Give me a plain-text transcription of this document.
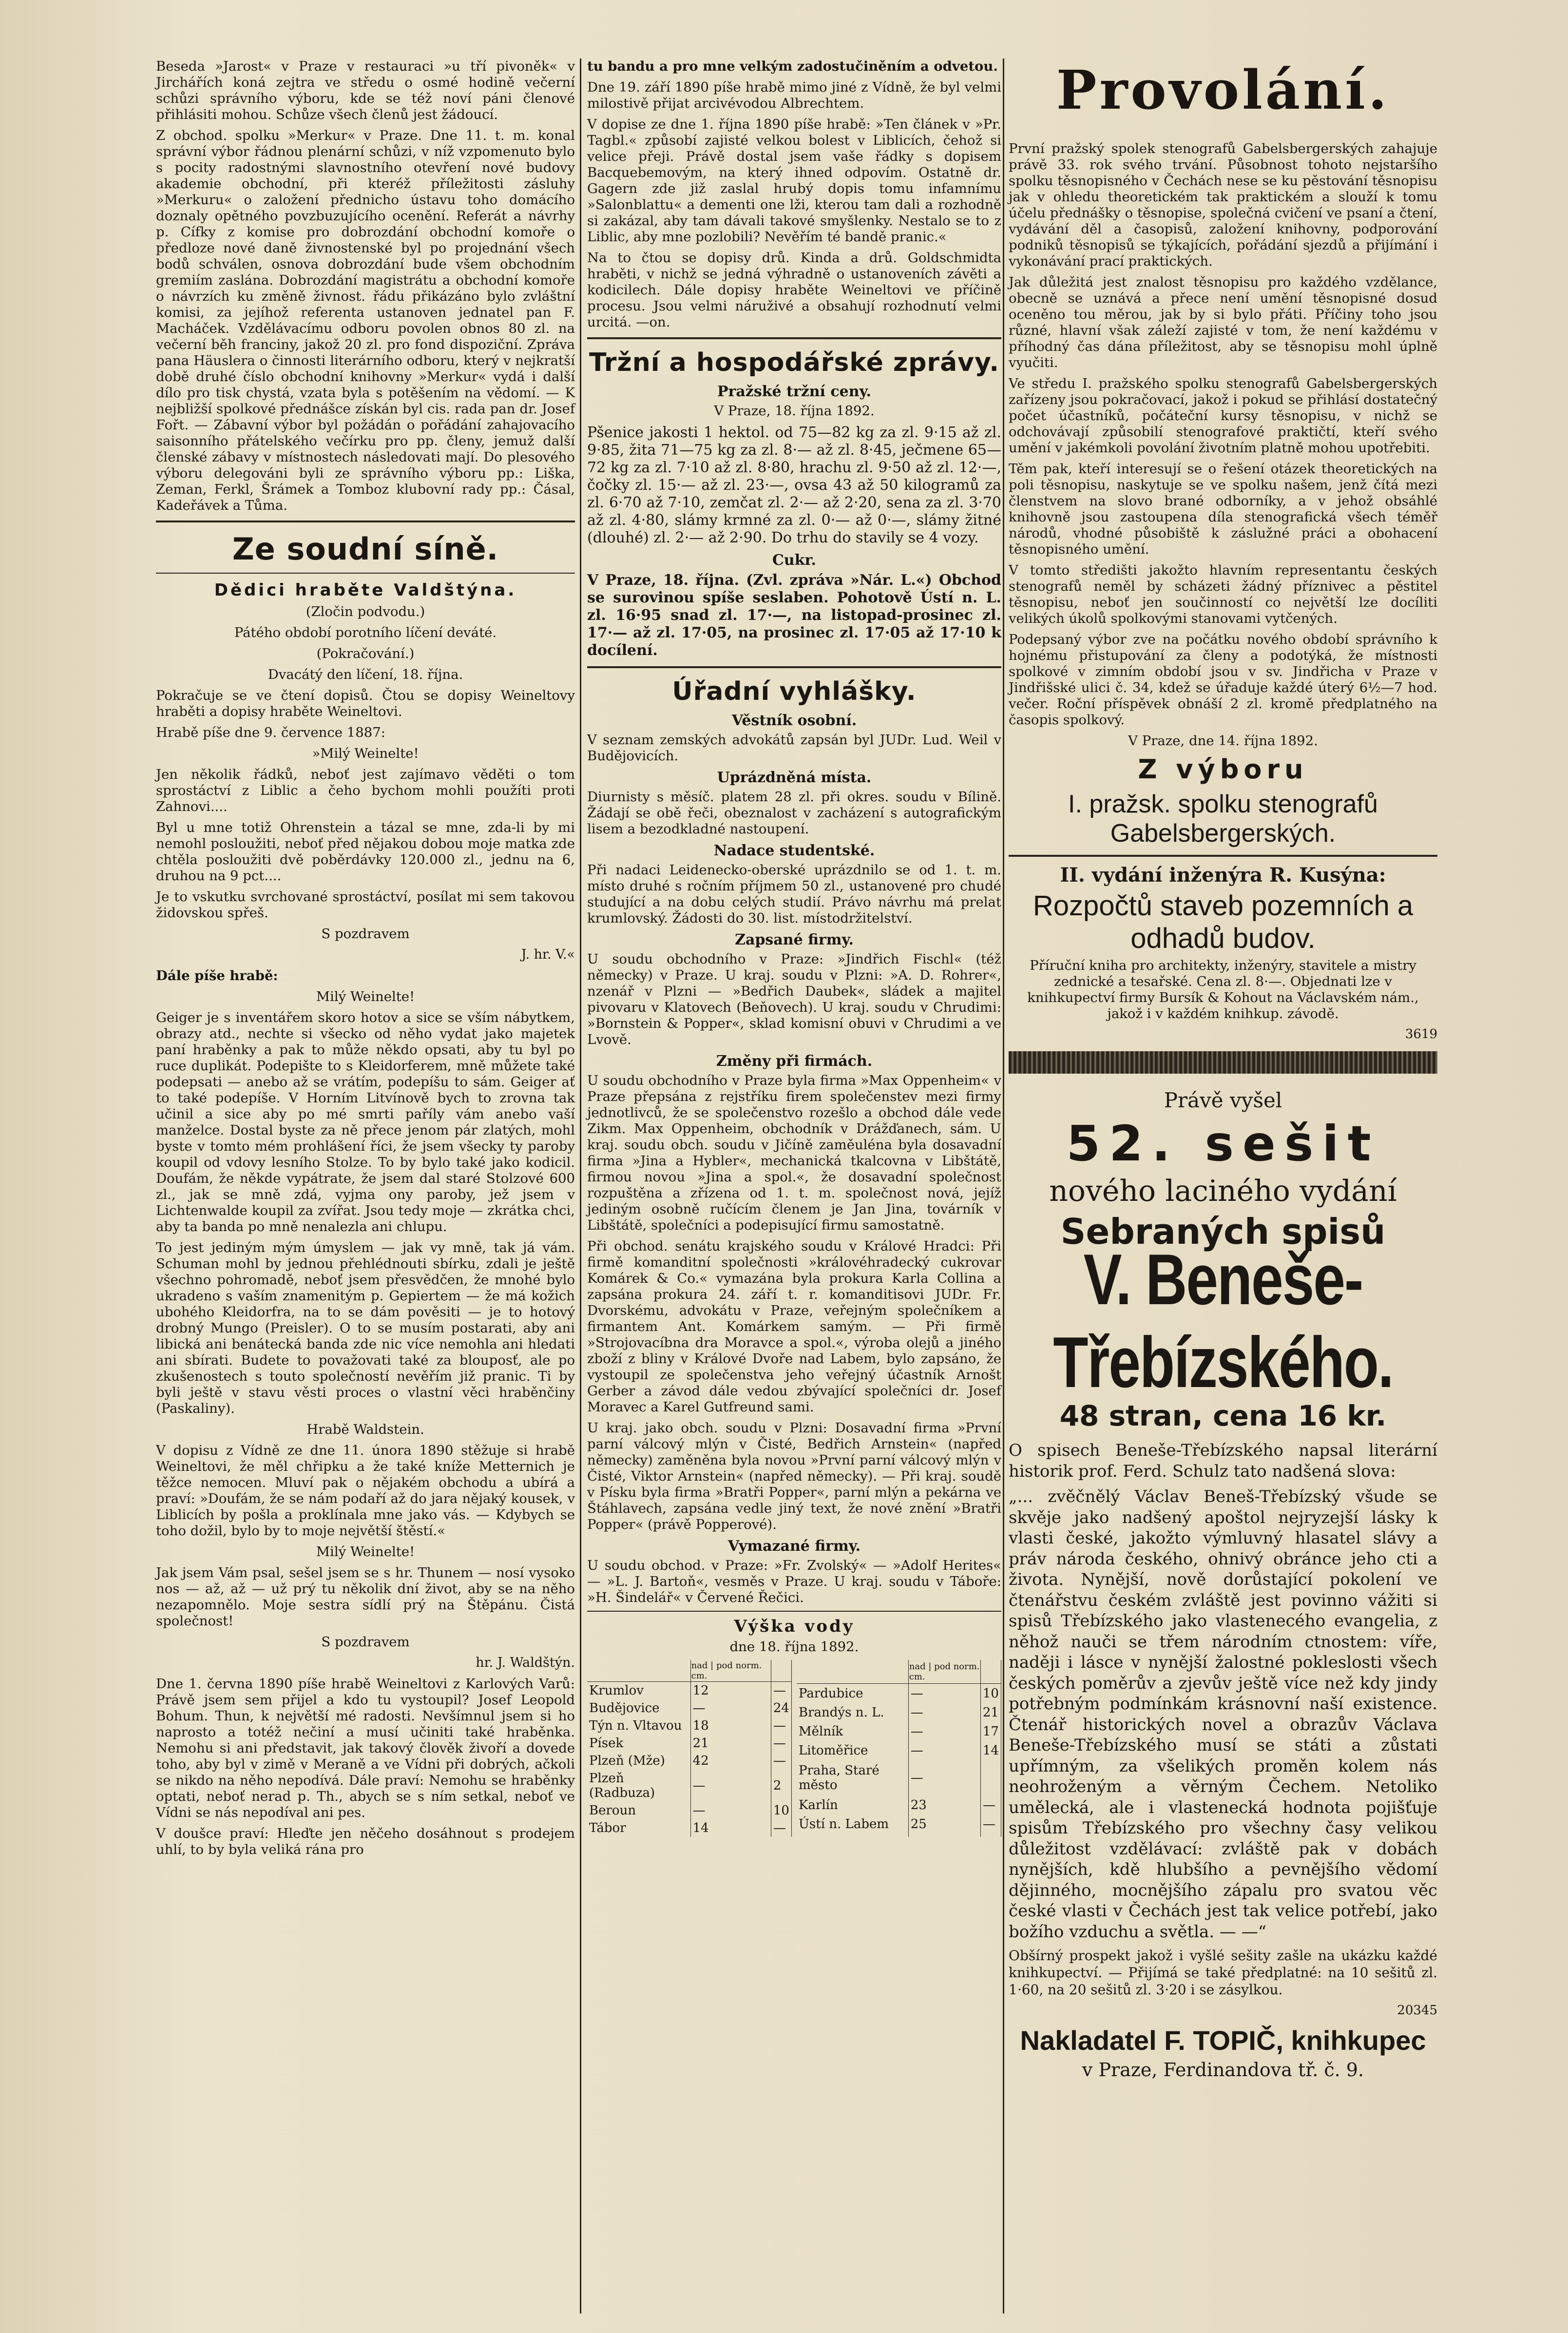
Beseda »Jarost« v Praze v restauraci »u tří pivoněk« v Jirchářích koná zejtra ve středu o osmé hodině večerní schůzi správního výboru, kde se též noví páni členové přihlásiti mohou. Schůze všech členů jest žádoucí.

Z obchod. spolku »Merkur« v Praze. Dne 11. t. m. konal správní výbor řádnou plenární schůzi, v níž vzpomenuto bylo s pocity radostnými slavnostního otevření nové budovy akademie obchodní, při kteréž příležitosti zásluhy »Merkuru« o založení přednicho ústavu toho domácího doznaly opětného povzbuzujícího ocenění. Referát a návrhy p. Cífky z komise pro dobrozdání obchodní komoře o předloze nové daně živnostenské byl po projednání všech bodů schválen, osnova dobrozdání bude všem obchodním gremiím zaslána. Dobrozdání magistrátu a obchodní komoře o návrzích ku změně živnost. řádu přikázáno bylo zvláštní komisi, za jejíhož referenta ustanoven jednatel pan F. Macháček. Vzdělávacímu odboru povolen obnos 80 zl. na večerní běh franciny, jakož 20 zl. pro fond dispoziční. Zpráva pana Häuslera o činnosti literárního odboru, který v nejkratší době druhé číslo obchodní knihovny »Merkur« vydá i další dílo pro tisk chystá, vzata byla s potěšením na vědomí. — K nejbližší spolkové přednášce získán byl cis. rada pan dr. Josef Fořt. — Zábavní výbor byl požádán o pořádání zahajovacího saisonního přátelského večírku pro pp. členy, jemuž další členské zábavy v místnostech následovati mají. Do plesového výboru delegováni byli ze správního výboru pp.: Liška, Zeman, Ferkl, Šrámek a Tomboz klubovní rady pp.: Čásal, Kadeřávek a Tůma.

Ze soudní síně.
Dědici hraběte Valdštýna.

(Zločin podvodu.)

Pátého období porotního líčení deváté.

(Pokračování.)

Dvacátý den líčení, 18. října.

Pokračuje se ve čtení dopisů. Čtou se dopisy Weineltovy hraběti a dopisy hraběte Weineltovi.

Hrabě píše dne 9. července 1887:

»Milý Weinelte!

Jen několik řádků, neboť jest zajímavo věděti o tom sprostáctví z Liblic a čeho bychom mohli použíti proti Zahnovi....

Byl u mne totiž Ohrenstein a tázal se mne, zda-li by mi nemohl posloužiti, neboť před nějakou dobou moje matka zde chtěla posloužiti dvě poběrdávky 120.000 zl., jednu na 6, druhou na 9 pct....

Je to vskutku svrchované sprostáctví, posílat mi sem takovou židovskou spřeš.

S pozdravem

J. hr. V.«

Dále píše hrabě:

Milý Weinelte!

Geiger je s inventářem skoro hotov a sice se vším nábytkem, obrazy atd., nechte si všecko od něho vydat jako majetek paní hraběnky a pak to může někdo opsati, aby tu byl po ruce duplikát. Podepište to s Kleidorferem, mně můžete také podepsati — anebo až se vrátím, podepíšu to sám. Geiger ať to také podepíše. V Horním Litvínově bych to zrovna tak učinil a sice aby po mé smrti paříly vám anebo vaší manželce. Dostal byste za ně přece jenom pár zlatých, mohl byste v tomto mém prohlášení říci, že jsem všecky ty paroby koupil od vdovy lesního Stolze. To by bylo také jako kodicil. Doufám, že někde vypátrate, že jsem dal staré Stolzové 600 zl., jak se mně zdá, vyjma ony paroby, jež jsem v Lichtenwalde koupil za zvířat. Jsou tedy moje — zkrátka chci, aby ta banda po mně nenalezla ani chlupu.

To jest jediným mým úmyslem — jak vy mně, tak já vám. Schuman mohl by jednou přehlédnouti sbírku, zdali je ještě všechno pohromadě, neboť jsem přesvědčen, že mnohé bylo ukradeno s vaším znamenitým p. Gepiertem — že má kožich ubohého Kleidorfra, na to se dám pověsiti — je to hotový drobný Mungo (Preisler). O to se musím postarati, aby ani libická ani benátecká banda zde nic více nemohla ani hledati ani sbírati. Budete to považovati také za blouposť, ale po zkušenostech s touto společností nevěřím již pranic. Ti by byli ještě v stavu věsti proces o vlastní věci hraběnčiny (Paskaliny).

Hrabě Waldstein.

V dopisu z Vídně ze dne 11. února 1890 stěžuje si hrabě Weineltovi, že měl chřipku a že také kníže Metternich je těžce nemocen. Mluví pak o nějakém obchodu a ubírá a praví: »Doufám, že se nám podaří až do jara nějaký kousek, v Liblicích by pošla a proklínala mne jako vás. — Kdybych se toho dožil, bylo by to moje největší štěstí.«

Milý Weinelte!

Jak jsem Vám psal, sešel jsem se s hr. Thunem — nosí vysoko nos — až, až — už prý tu několik dní život, aby se na něho nezapomnělo. Moje sestra sídlí prý na Štěpánu. Čistá společnost!

S pozdravem

hr. J. Waldštýn.

Dne 1. června 1890 píše hrabě Weineltovi z Karlových Varů: Právě jsem sem přijel a kdo tu vystoupil? Josef Leopold Bohum. Thun, k největší mé radosti. Nevšímnul jsem si ho naprosto a totéž nečiní a musí učiniti také hraběnka. Nemohu si ani představit, jak takový člověk živoří a dovede toho, aby byl v zimě v Meraně a ve Vídni při dobrých, ačkoli se nikdo na něho nepodívá. Dále praví: Nemohu se hraběnky optati, neboť nerad p. Th., abych se s ním setkal, neboť ve Vídni se nás nepodíval ani pes.

V doušce praví: Hleďte jen něčeho dosáhnout s prodejem uhlí, to by byla veliká rána pro

tu bandu a pro mne velkým zadostučiněním a odvetou.

Dne 19. září 1890 píše hrabě mimo jiné z Vídně, že byl velmi milostivě přijat arcivévodou Albrechtem.

V dopise ze dne 1. října 1890 píše hrabě: »Ten článek v »Pr. Tagbl.« způsobí zajisté velkou bolest v Liblicích, čehož si velice přeji. Právě dostal jsem vaše řádky s dopisem Bacquebemovým, na který ihned odpovím. Ostatně dr. Gagern zde již zaslal hrubý dopis tomu infamnímu »Salonblattu« a dementi one lži, kterou tam dali a rozhodně si zakázal, aby tam dávali takové smyšlenky. Nestalo se to z Liblic, aby mne pozlobili? Nevěřím té bandě pranic.«

Na to čtou se dopisy drů. Kinda a drů. Goldschmidta hraběti, v nichž se jedná výhradně o ustanoveních závěti a kodicilech. Dále dopisy hraběte Weineltovi ve příčině procesu. Jsou velmi náruživé a obsahují rozhodnutí velmi urcitá. —on.

Tržní a hospodářské zprávy.
Pražské tržní ceny.

V Praze, 18. října 1892.

Pšenice jakosti 1 hektol. od 75—82 kg za zl. 9·15 až zl. 9·85, žita 71—75 kg za zl. 8·— až zl. 8·45, ječmene 65—72 kg za zl. 7·10 až zl. 8·80, hrachu zl. 9·50 až zl. 12·—, čočky zl. 15·— až zl. 23·—, ovsa 43 až 50 kilogramů za zl. 6·70 až 7·10, zemčat zl. 2·— až 2·20, sena za zl. 3·70 až zl. 4·80, slámy krmné za zl. 0·— až 0·—, slámy žitné (dlouhé) zl. 2·— až 2·90. Do trhu do stavily se 4 vozy.

Cukr.

V Praze, 18. října. (Zvl. zpráva »Nár. L.«) Obchod se surovinou spíše seslaben. Pohotově Ústí n. L. zl. 16·95 snad zl. 17·—, na listopad-prosinec zl. 17·— až zl. 17·05, na prosinec zl. 17·05 až 17·10 k docílení.

Úřadní vyhlášky.
Věstník osobní.

V seznam zemských advokátů zapsán byl JUDr. Lud. Weil v Budějovicích.

Uprázdněná místa.

Diurnisty s měsíč. platem 28 zl. při okres. soudu v Bílině. Žádají se obě řeči, obeznalost v zacházení s autografickým lisem a bezodkladné nastoupení.

Nadace studentské.

Při nadaci Leidenecko-oberské uprázdnilo se od 1. t. m. místo druhé s ročním příjmem 50 zl., ustanovené pro chudé studující a na dobu celých studií. Právo návrhu má prelat krumlovský. Žádosti do 30. list. místodržitelství.

Zapsané firmy.

U soudu obchodního v Praze: »Jindřich Fischl« (též německy) v Praze. U kraj. soudu v Plzni: »A. D. Rohrer«, nzenář v Plzni — »Bedřich Daubek«, sládek a majitel pivovaru v Klatovech (Beňovech). U kraj. soudu v Chrudimi: »Bornstein & Popper«, sklad komisní obuvi v Chrudimi a ve Lvově.

Změny při firmách.

U soudu obchodního v Praze byla firma »Max Oppenheim« v Praze přepsána z rejstříku firem společenstev mezi firmy jednotlivců, že se společenstvo rozešlo a obchod dále vede Zikm. Max Oppenheim, obchodník v Drážďanech, sám. U kraj. soudu obch. soudu v Jičíně zaměuléna byla dosavadní firma »Jina a Hybler«, mechanická tkalcovna v Libštátě, firmou novou »Jina a spol.«, že dosavadní společnost rozpuštěna a zřízena od 1. t. m. společnost nová, jejíž jediným osobně ručícím členem je Jan Jina, továrník v Libštátě, společníci a podepisující firmu samostatně.

Při obchod. senátu krajského soudu v Králové Hradci: Při firmě komanditní společnosti »královéhradecký cukrovar Komárek & Co.« vymazána byla prokura Karla Collina a zapsána prokura 24. září t. r. komanditisovi JUDr. Fr. Dvorskému, advokátu v Praze, veřejným společníkem a firmantem Ant. Komárkem samým. — Při firmě »Strojovacíbna dra Moravce a spol.«, výroba olejů a jiného zboží z bliny v Králové Dvoře nad Labem, bylo zapsáno, že vystoupil ze společenstva jeho veřejný účastník Arnošt Gerber a závod dále vedou zbývající společníci dr. Josef Moravec a Karel Gutfreund sami.

U kraj. jako obch. soudu v Plzni: Dosavadní firma »První parní válcový mlýn v Čisté, Bedřich Arnstein« (napřed německy) zaměněna byla novou »První parní válcový mlýn v Čisté, Viktor Arnstein« (napřed německy). — Při kraj. soudě v Písku byla firma »Bratři Popper«, parní mlýn a pekárna ve Štáhlavech, zapsána vedle jiný text, že nové znění »Bratři Popper« (právě Popperové).

Vymazané firmy.

U soudu obchod. v Praze: »Fr. Zvolský« — »Adolf Herites« — »L. J. Bartoň«, vesměs v Praze. U kraj. soudu v Táboře: »H. Šindelář« v Červené Řečici.

Výška vody

dne 18. října 1892.

	nad | pod norm. cm.	
Krumlov	12	—
Budějovice	—	24
Týn n. Vltavou	18	—
Písek	21	—
Plzeň (Mže)	42	—
Plzeň (Radbuza)	—	2
Beroun	—	10
Tábor	14	—
	nad | pod norm. cm.	
Pardubice	—	10
Brandýs n. L.	—	21
Mělník	—	17
Litoměřice	—	14
Praha, Staré město	—	
Karlín	23	—
Ústí n. Labem	25	—

Provolání.

První pražský spolek stenografů Gabelsbergerských zahajuje právě 33. rok svého trvání. Působnost tohoto nejstaršího spolku těsnopisného v Čechách nese se ku pěstování těsnopisu jak v ohledu theoretickém tak praktickém a slouží k tomu účelu přednášky o těsnopise, společná cvičení ve psaní a čtení, vydávání děl a časopisů, založení knihovny, podporování podniků těsnopisů se týkajících, pořádání sjezdů a přijímání i vykonávání prací praktických.

Jak důležitá jest znalost těsnopisu pro každého vzdělance, obecně se uznává a přece není umění těsnopisné dosud oceněno tou měrou, jak by si bylo přáti. Příčiny toho jsou různé, hlavní však záleží zajisté v tom, že není každému v příhodný čas dána příležitost, aby se těsnopisu mohl úplně vyučiti.

Ve středu I. pražského spolku stenografů Gabelsbergerských zařízeny jsou pokračovací, jakož i pokud se přihlásí dostatečný počet účastníků, počáteční kursy těsnopisu, v nichž se odchovávají způsobilí stenografové praktičtí, kteří svého umění v jakémkoli povolání životním platně mohou upotřebiti.

Těm pak, kteří interesují se o řešení otázek theoretických na poli těsnopisu, naskytuje se ve spolku našem, jenž čítá mezi členstvem na slovo brané odborníky, a v jehož obsáhlé knihovně jsou zastoupena díla stenografická všech téměř národů, vhodné působiště k záslužné práci a obohacení těsnopisného umění.

V tomto středišti jakožto hlavním representantu českých stenografů neměl by scházeti žádný příznivec a pěstitel těsnopisu, neboť jen součinností co největší lze docíliti velikých úkolů spolkovými stanovami vytčených.

Podepsaný výbor zve na počátku nového období správního k hojnému přistupování za členy a podotýká, že místnosti spolkové v zimním období jsou v sv. Jindřicha v Praze v Jindřišské ulici č. 34, kdež se úřaduje každé úterý 6½—7 hod. večer. Roční příspěvek obnáší 2 zl. kromě předplatného na časopis spolkový.

V Praze, dne 14. října 1892.

Z výboru
I. pražsk. spolku stenografů Gabelsbergerských.
II. vydání inženýra R. Kusýna:
Rozpočtů staveb pozemních a odhadů budov.

Příruční kniha pro architekty, inženýry, stavitele a mistry zednické a tesařské. Cena zl. 8·—. Objednati lze v knihkupectví firmy Bursík & Kohout na Václavském nám., jakož i v každém knihkup. závodě.

3619
Právě vyšel
52. sešit
nového laciného vydání
Sebraných spisů
V. Beneše-Třebízského.
48 stran, cena 16 kr.

O spisech Beneše-Třebízského napsal literární historik prof. Ferd. Schulz tato nadšená slova:

„... zvěčnělý Václav Beneš-Třebízský všude se skvěje jako nadšený apoštol nejryzejší lásky k vlasti české, jakožto výmluvný hlasatel slávy a práv národa českého, ohnivý obránce jeho cti a života. Nynější, nově dorůstající pokolení ve čtenářstvu českém zvláště jest povinno vážiti si spisů Třebízského jako vlastenecého evangelia, z něhož nauči se třem národním ctnostem: víře, naději i lásce v nynější žalostné pokleslosti všech českých poměrův a zjevův ještě více než kdy jindy potřebným podmínkám krásnovní naší existence. Čtenář historických novel a obrazův Václava Beneše-Třebízského musí se státi a zůstati upřímným, za všelikých proměn kolem nás neohroženým a věrným Čechem. Netoliko umělecká, ale i vlastenecká hodnota pojišťuje spisům Třebízského pro všechny časy velikou důležitost vzdělávací: zvláště pak v dobách nynějších, kdě hlubšího a pevnějšího vědomí dějinného, mocnějšího zápalu pro svatou věc české vlasti v Čechách jest tak velice potřebí, jako božího vzduchu a světla. — —“

Obšírný prospekt jakož i vyšlé sešity zašle na ukázku každé knihkupectví. — Přijímá se také předplatné: na 10 sešitů zl. 1·60, na 20 sešitů zl. 3·20 i se zásylkou.

20345
Nakladatel F. TOPIČ, knihkupec
v Praze, Ferdinandova tř. č. 9.
